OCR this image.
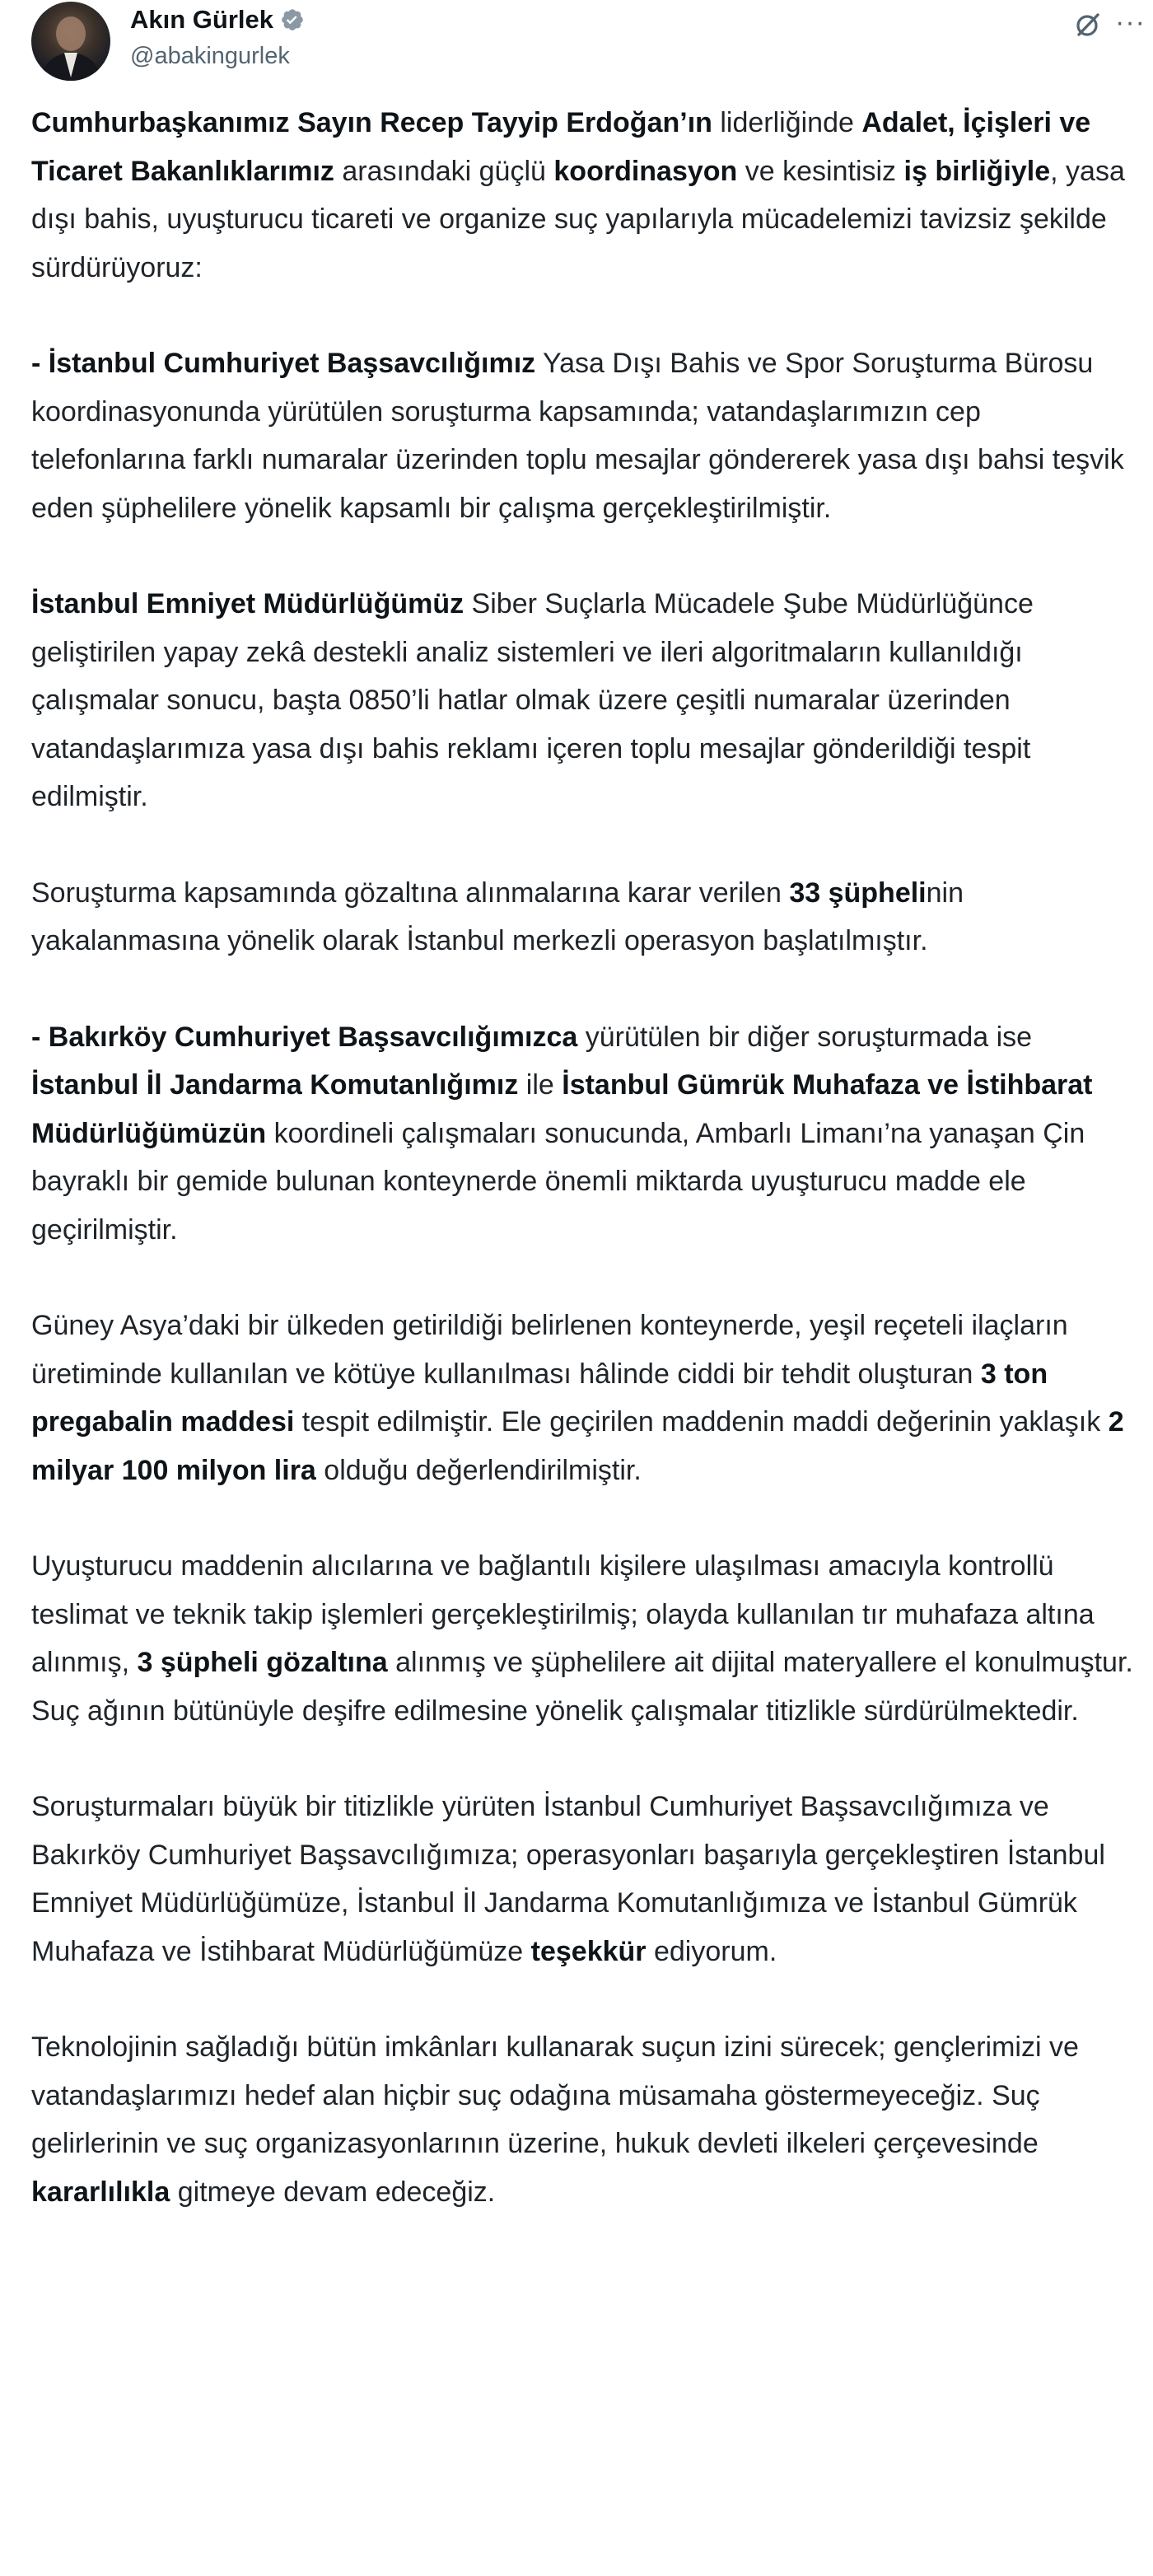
Akın Gürlek
@abakingurlek
···

Cumhurbaşkanımız Sayın Recep Tayyip Erdoğan’ın liderliğinde Adalet, İçişleri ve Ticaret Bakanlıklarımız arasındaki güçlü koordinasyon ve kesintisiz iş birliğiyle, yasa dışı bahis, uyuşturucu ticareti ve organize suç yapılarıyla mücadelemizi tavizsiz şekilde sürdürüyoruz:

- İstanbul Cumhuriyet Başsavcılığımız Yasa Dışı Bahis ve Spor Soruşturma Bürosu koordinasyonunda yürütülen soruşturma kapsamında; vatandaşlarımızın cep telefonlarına farklı numaralar üzerinden toplu mesajlar göndererek yasa dışı bahsi teşvik eden şüphelilere yönelik kapsamlı bir çalışma gerçekleştirilmiştir.

İstanbul Emniyet Müdürlüğümüz Siber Suçlarla Mücadele Şube Müdürlüğünce geliştirilen yapay zekâ destekli analiz sistemleri ve ileri algoritmaların kullanıldığı çalışmalar sonucu, başta 0850’li hatlar olmak üzere çeşitli numaralar üzerinden vatandaşlarımıza yasa dışı bahis reklamı içeren toplu mesajlar gönderildiği tespit edilmiştir.

Soruşturma kapsamında gözaltına alınmalarına karar verilen 33 şüphelinin yakalanmasına yönelik olarak İstanbul merkezli operasyon başlatılmıştır.

- Bakırköy Cumhuriyet Başsavcılığımızca yürütülen bir diğer soruşturmada ise İstanbul İl Jandarma Komutanlığımız ile İstanbul Gümrük Muhafaza ve İstihbarat Müdürlüğümüzün koordineli çalışmaları sonucunda, Ambarlı Limanı’na yanaşan Çin bayraklı bir gemide bulunan konteynerde önemli miktarda uyuşturucu madde ele geçirilmiştir.

Güney Asya’daki bir ülkeden getirildiği belirlenen konteynerde, yeşil reçeteli ilaçların üretiminde kullanılan ve kötüye kullanılması hâlinde ciddi bir tehdit oluşturan 3 ton pregabalin maddesi tespit edilmiştir. Ele geçirilen maddenin maddi değerinin yaklaşık 2 milyar 100 milyon lira olduğu değerlendirilmiştir.

Uyuşturucu maddenin alıcılarına ve bağlantılı kişilere ulaşılması amacıyla kontrollü teslimat ve teknik takip işlemleri gerçekleştirilmiş; olayda kullanılan tır muhafaza altına alınmış, 3 şüpheli gözaltına alınmış ve şüphelilere ait dijital materyallere el konulmuştur. Suç ağının bütünüyle deşifre edilmesine yönelik çalışmalar titizlikle sürdürülmektedir.

Soruşturmaları büyük bir titizlikle yürüten İstanbul Cumhuriyet Başsavcılığımıza ve Bakırköy Cumhuriyet Başsavcılığımıza; operasyonları başarıyla gerçekleştiren İstanbul Emniyet Müdürlüğümüze, İstanbul İl Jandarma Komutanlığımıza ve İstanbul Gümrük Muhafaza ve İstihbarat Müdürlüğümüze teşekkür ediyorum.

Teknolojinin sağladığı bütün imkânları kullanarak suçun izini sürecek; gençlerimizi ve vatandaşlarımızı hedef alan hiçbir suç odağına müsamaha göstermeyeceğiz. Suç gelirlerinin ve suç organizasyonlarının üzerine, hukuk devleti ilkeleri çerçevesinde kararlılıkla gitmeye devam edeceğiz.
